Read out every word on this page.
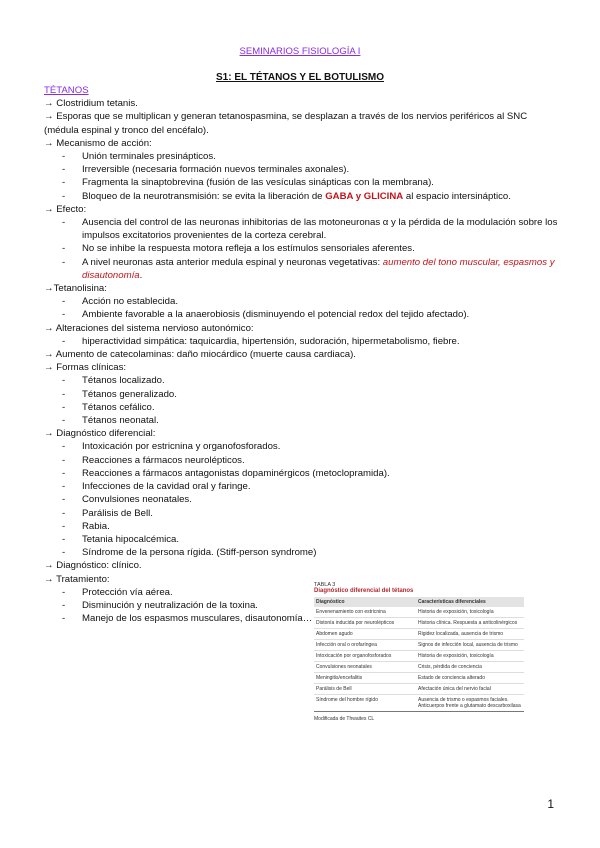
SEMINARIOS FISIOLOGÍA I
S1: EL TÉTANOS Y EL BOTULISMO

TÉTANOS

→ Clostridium tetanis.

→ Esporas que se multiplican y generan tetanospasmina, se desplazan a través de los nervios periféricos al SNC (médula espinal y tronco del encéfalo).

→ Mecanismo de acción:

- Unión terminales presinápticos.

- Irreversible (necesaria formación nuevos terminales axonales).

- Fragmenta la sinaptobrevina (fusión de las vesículas sinápticas con la membrana).

- Bloqueo de la neurotransmisión: se evita la liberación de GABA y GLICINA al espacio intersináptico.

→ Efecto:

- Ausencia del control de las neuronas inhibitorias de las motoneuronas α y la pérdida de la modulación sobre los impulsos excitatorios provenientes de la corteza cerebral.

- No se inhibe la respuesta motora refleja a los estímulos sensoriales aferentes.

- A nivel neuronas asta anterior medula espinal y neuronas vegetativas: aumento del tono muscular, espasmos y disautonomía.

→Tetanolisina:

- Acción no establecida.

- Ambiente favorable a la anaerobiosis (disminuyendo el potencial redox del tejido afectado).

→ Alteraciones del sistema nervioso autonómico:

- hiperactividad simpática: taquicardia, hipertensión, sudoración, hipermetabolismo, fiebre.

→ Aumento de catecolaminas: daño miocárdico (muerte causa cardiaca).

→ Formas clínicas:

- Tétanos localizado.

- Tétanos generalizado.

- Tétanos cefálico.

- Tétanos neonatal.

→ Diagnóstico diferencial:

- Intoxicación por estricnina y organofosforados.

- Reacciones a fármacos neurolépticos.

- Reacciones a fármacos antagonistas dopaminérgicos (metoclopramida).

- Infecciones de la cavidad oral y faringe.

- Convulsiones neonatales.

- Parálisis de Bell.

- Rabia.

- Tetania hipocalcémica.

- Síndrome de la persona rígida. (Stiff-person syndrome)

→ Diagnóstico: clínico.

→ Tratamiento:

- Protección vía aérea.

- Disminución y neutralización de la toxina.

- Manejo de los espasmos musculares, disautonomía…

TABLA 3
Diagnóstico diferencial del tétanos
Diagnóstico	Características diferenciales
Envenenamiento con estricnina	Historia de exposición, toxicología
Distonía inducida por neurolépticos	Historia clínica. Respuesta a anticolinérgicos
Abdomen agudo	Rigidez localizada, ausencia de trismo
Infección oral o orofaríngea	Signos de infección local, ausencia de trismo
Intoxicación por organofosforados	Historia de exposición, toxicología
Convulsiones neonatales	Crisis, pérdida de conciencia
Meningitis/encefalitis	Estado de conciencia alterado
Parálisis de Bell	Afectación única del nervio facial
Síndrome del hombre rígido	Ausencia de trismo o espasmos faciales. Anticuerpos frente a glutamato descarboxilasa
Modificada de Thwaites CL
1
